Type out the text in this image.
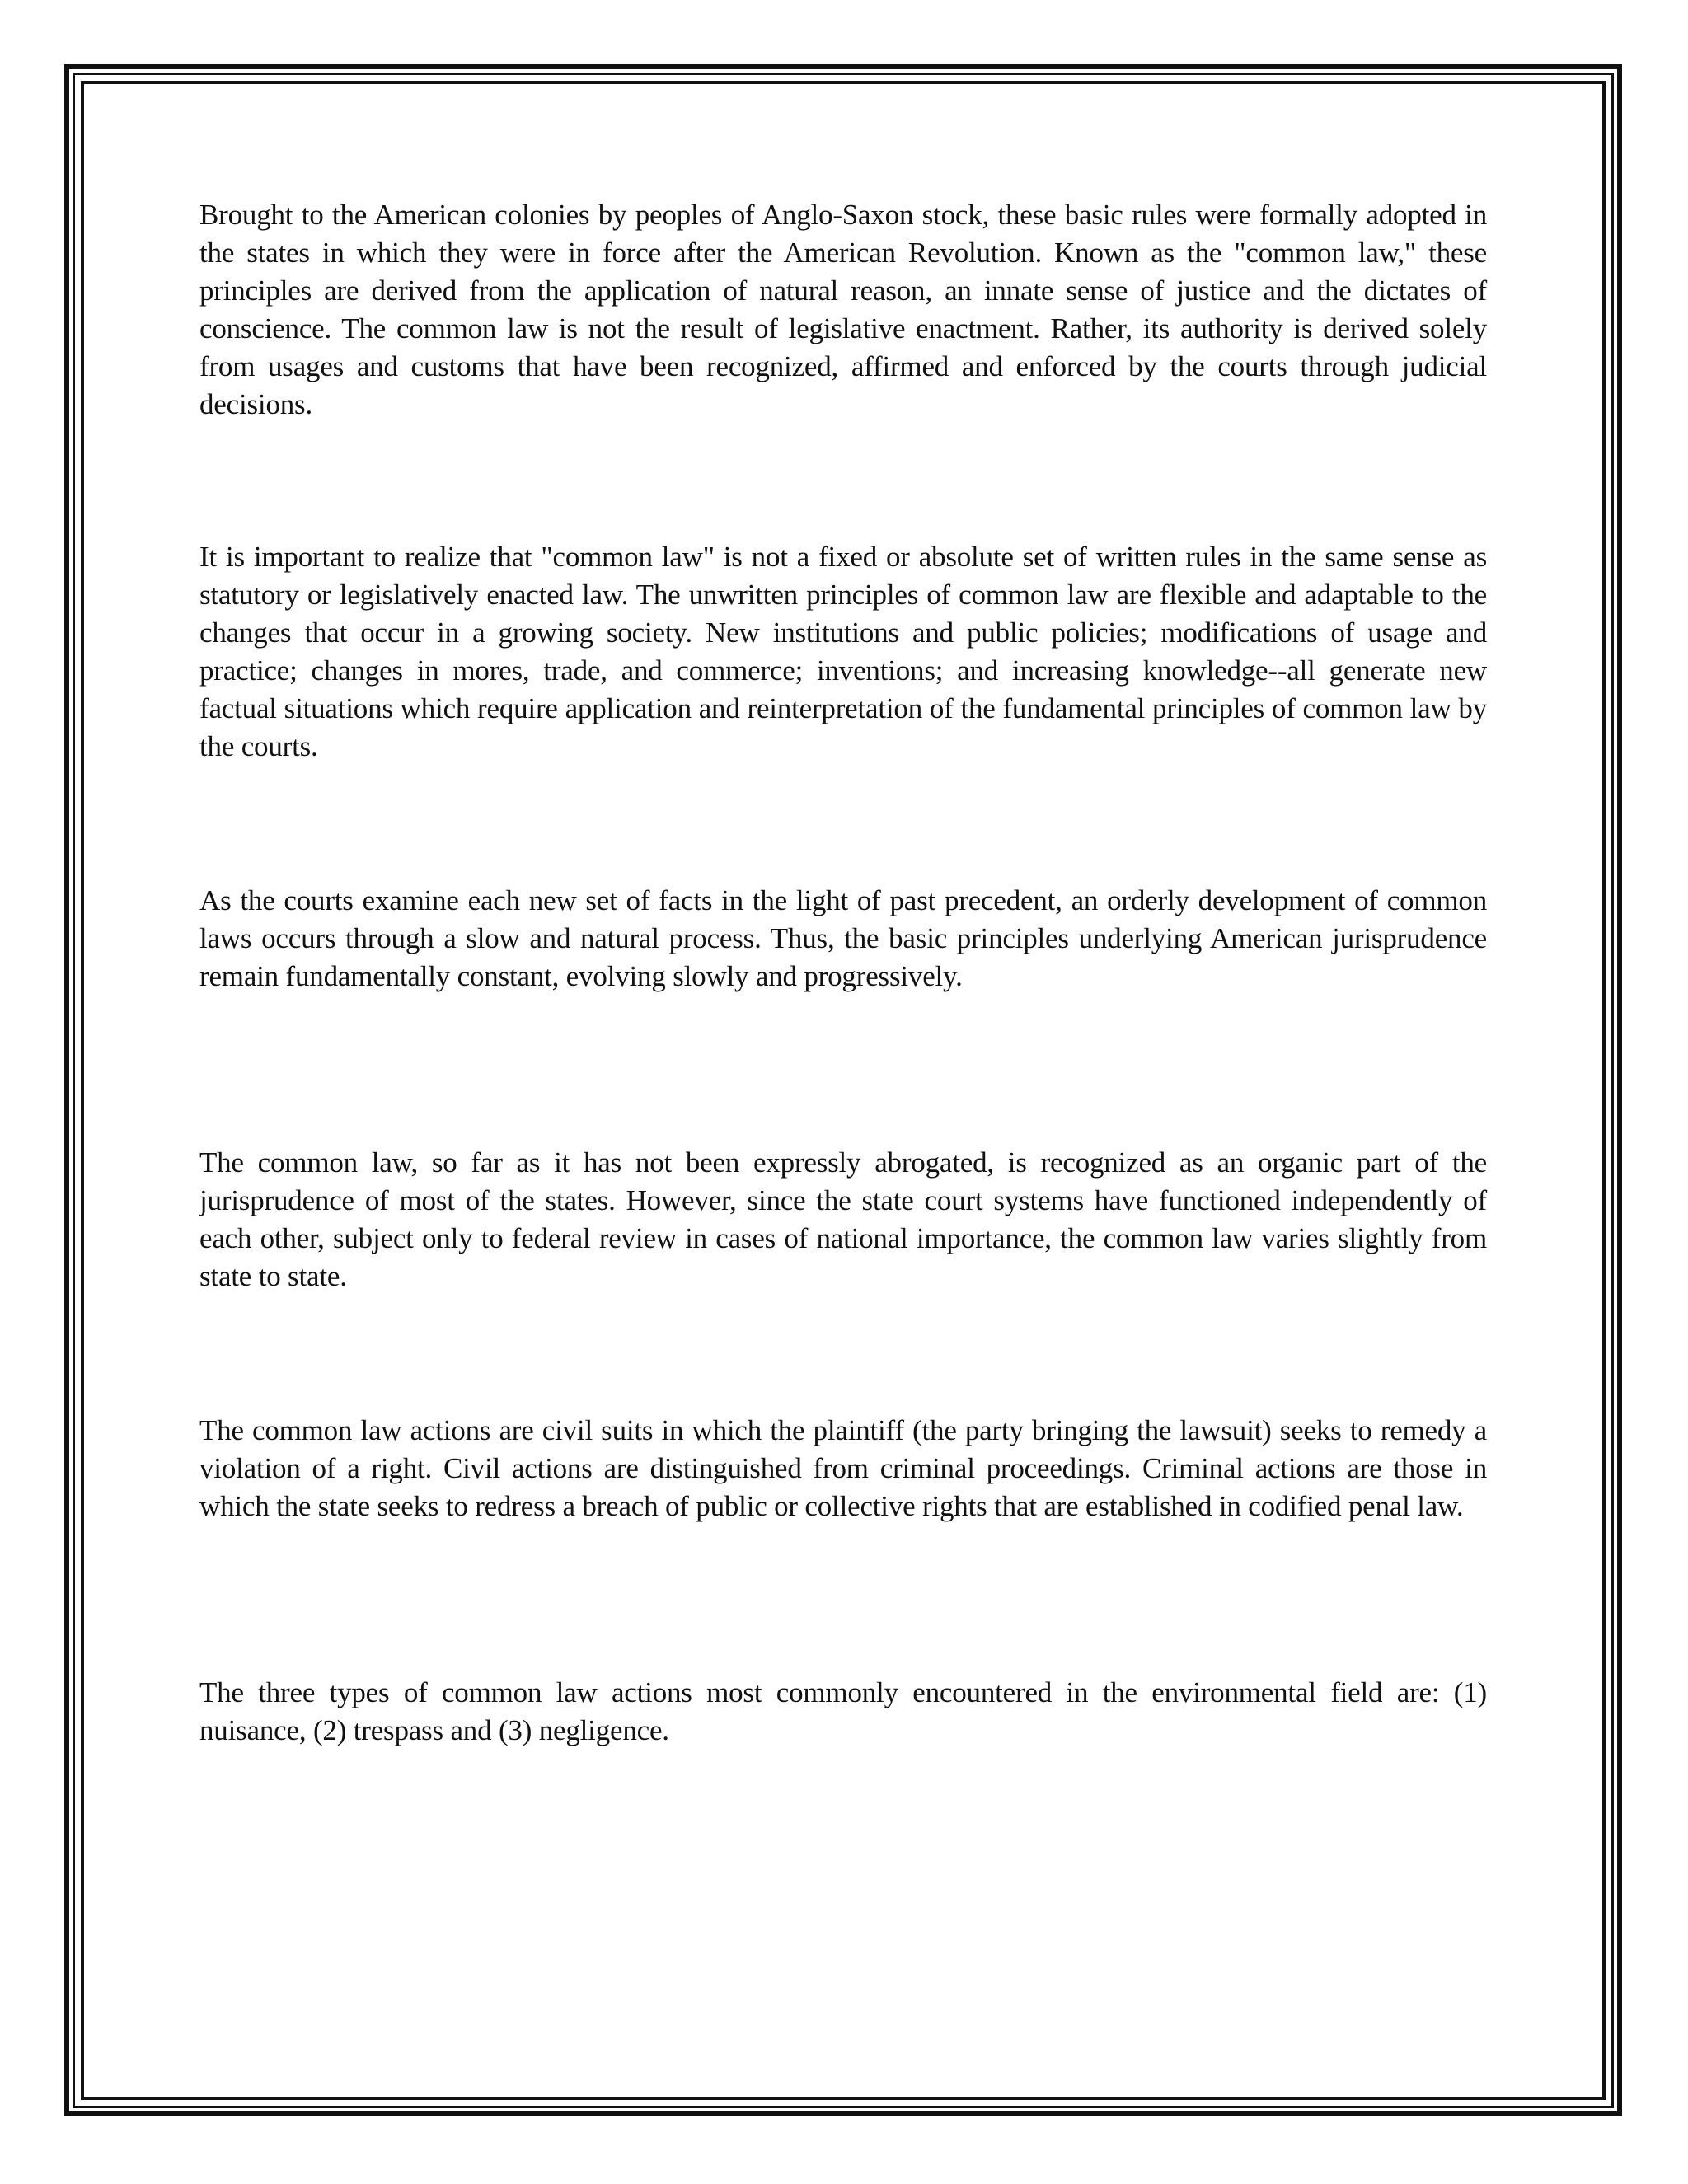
Brought to the American colonies by peoples of Anglo-Saxon stock, these basic rules were formally adopted in the states in which they were in force after the American Revolution. Known as the "common law," these principles are derived from the application of natural reason, an innate sense of justice and the dictates of conscience. The common law is not the result of legislative enactment. Rather, its authority is derived solely from usages and customs that have been recognized, affirmed and enforced by the courts through judicial decisions.

It is important to realize that "common law" is not a fixed or absolute set of written rules in the same sense as statutory or legislatively enacted law. The unwritten principles of common law are flexible and adaptable to the changes that occur in a growing society. New institutions and public policies; modifications of usage and practice; changes in mores, trade, and commerce; inventions; and increasing knowledge--all generate new factual situations which require application and reinterpretation of the fundamental principles of common law by the courts.

As the courts examine each new set of facts in the light of past precedent, an orderly development of common laws occurs through a slow and natural process. Thus, the basic principles underlying American jurisprudence remain fundamentally constant, evolving slowly and progressively.

The common law, so far as it has not been expressly abrogated, is recognized as an organic part of the jurisprudence of most of the states. However, since the state court systems have functioned independently of each other, subject only to federal review in cases of national importance, the common law varies slightly from state to state.

The common law actions are civil suits in which the plaintiff (the party bringing the lawsuit) seeks to remedy a violation of a right. Civil actions are distinguished from criminal proceedings. Criminal actions are those in which the state seeks to redress a breach of public or collective rights that are established in codified penal law.

The three types of common law actions most commonly encountered in the environmental field are: (1) nuisance, (2) trespass and (3) negligence.
